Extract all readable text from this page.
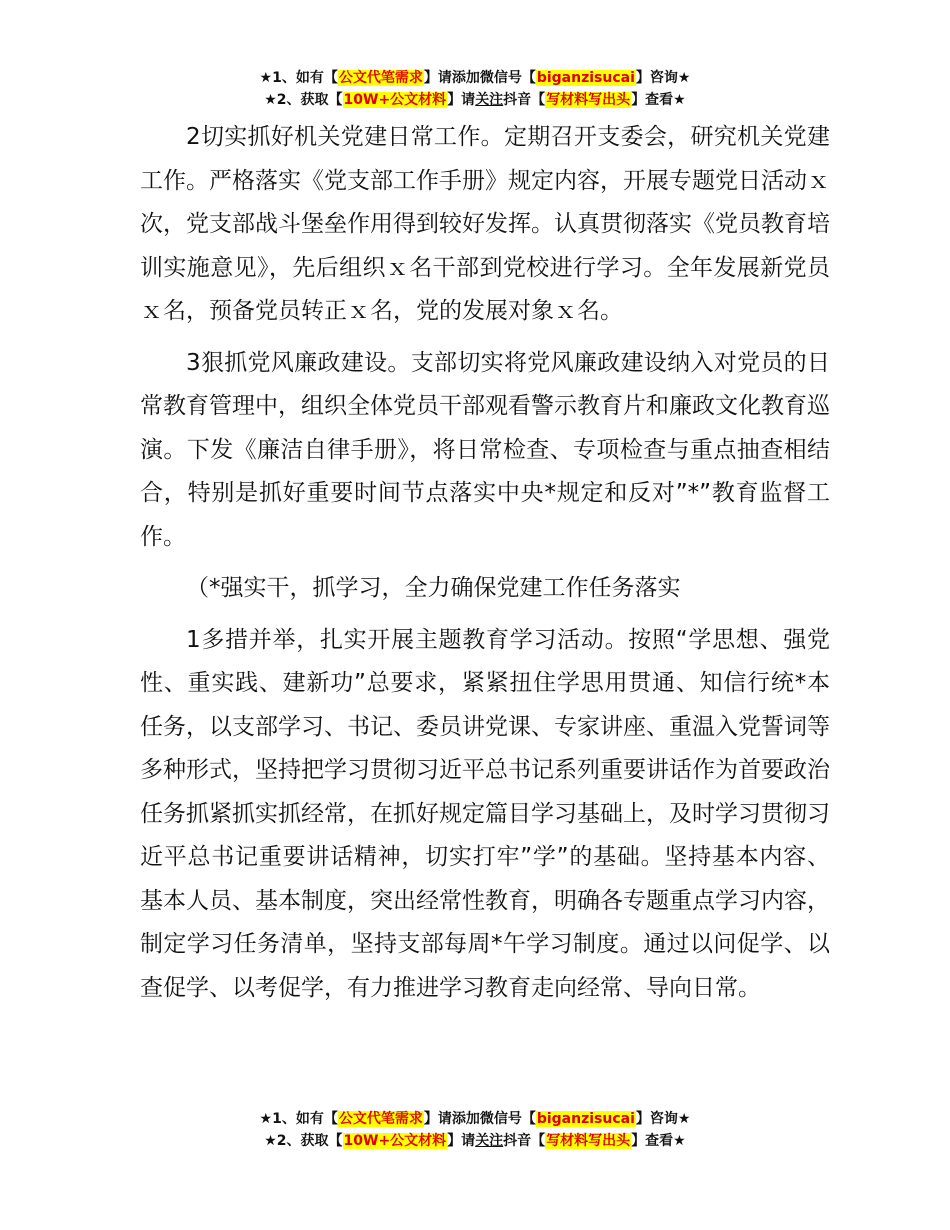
★1、如有【公文代笔需求】请添加微信号【biganzisucai】咨询★
★2、获取【10W+公文材料】请关注抖音【写材料写出头】查看★

2切实抓好机关党建日常工作。定期召开支委会，研究机关党建工作。严格落实《党支部工作手册》规定内容，开展专题党日活动ｘ次，党支部战斗堡垒作用得到较好发挥。认真贯彻落实《党员教育培训实施意见》，先后组织ｘ名干部到党校进行学习。全年发展新党员ｘ名，预备党员转正ｘ名，党的发展对象ｘ名。

3狠抓党风廉政建设。支部切实将党风廉政建设纳入对党员的日常教育管理中，组织全体党员干部观看警示教育片和廉政文化教育巡演。下发《廉洁自律手册》，将日常检查、专项检查与重点抽查相结合，特别是抓好重要时间节点落实中央*规定和反对”*”教育监督工作。

（*强实干，抓学习，全力确保党建工作任务落实

1多措并举，扎实开展主题教育学习活动。按照“学思想、强党性、重实践、建新功”总要求，紧紧扭住学思用贯通、知信行统*本任务，以支部学习、书记、委员讲党课、专家讲座、重温入党誓词等多种形式，坚持把学习贯彻习近平总书记系列重要讲话作为首要政治任务抓紧抓实抓经常，在抓好规定篇目学习基础上，及时学习贯彻习近平总书记重要讲话精神，切实打牢”学”的基础。坚持基本内容、基本人员、基本制度，突出经常性教育，明确各专题重点学习内容，制定学习任务清单，坚持支部每周*午学习制度。通过以问促学、以查促学、以考促学，有力推进学习教育走向经常、导向日常。

★1、如有【公文代笔需求】请添加微信号【biganzisucai】咨询★
★2、获取【10W+公文材料】请关注抖音【写材料写出头】查看★
